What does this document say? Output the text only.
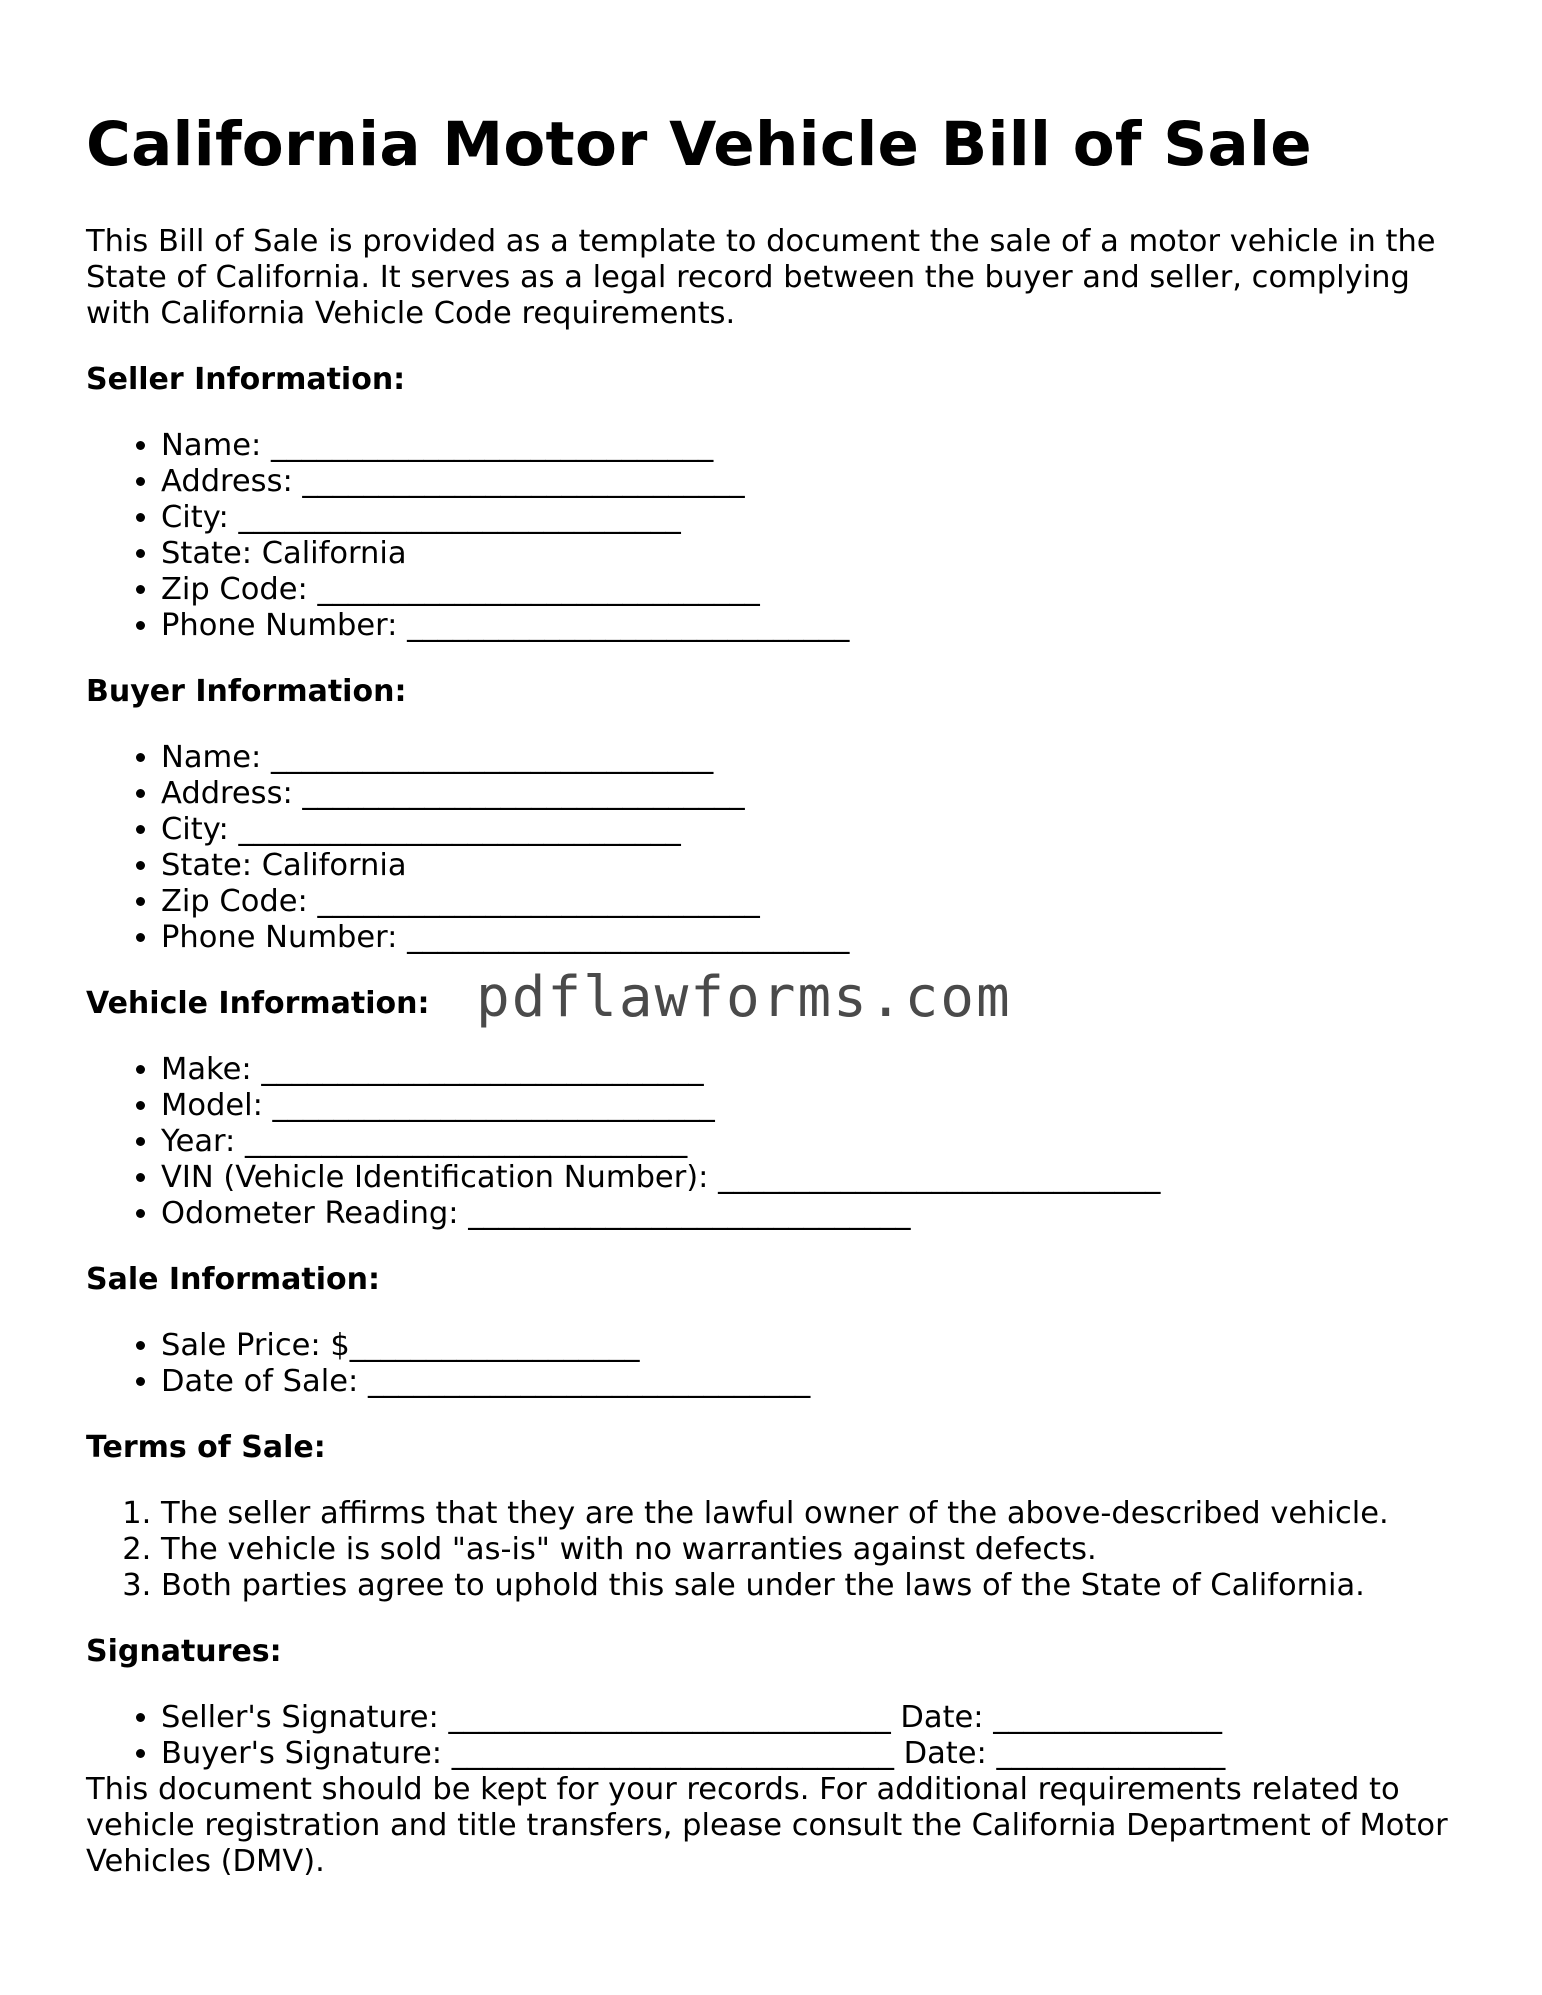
California Motor Vehicle Bill of Sale

This Bill of Sale is provided as a template to document the sale of a motor vehicle in the State of California. It serves as a legal record between the buyer and seller, complying with California Vehicle Code requirements.

Seller Information:
• Name: _____________________________
• Address: _____________________________
• City: _____________________________
• State: California
• Zip Code: _____________________________
• Phone Number: _____________________________
Buyer Information:
• Name: _____________________________
• Address: _____________________________
• City: _____________________________
• State: California
• Zip Code: _____________________________
• Phone Number: _____________________________
Vehicle Information: pdflawforms.com
• Make: _____________________________
• Model: _____________________________
• Year: _____________________________
• VIN (Vehicle Identification Number): _____________________________
• Odometer Reading: _____________________________
Sale Information:
• Sale Price: $___________________
• Date of Sale: _____________________________
Terms of Sale:
1. The seller affirms that they are the lawful owner of the above-described vehicle.
2. The vehicle is sold "as-is" with no warranties against defects.
3. Both parties agree to uphold this sale under the laws of the State of California.
Signatures:
• Seller's Signature: _____________________________ Date: _______________
• Buyer's Signature: _____________________________ Date: _______________

This document should be kept for your records. For additional requirements related to vehicle registration and title transfers, please consult the California Department of Motor Vehicles (DMV).
